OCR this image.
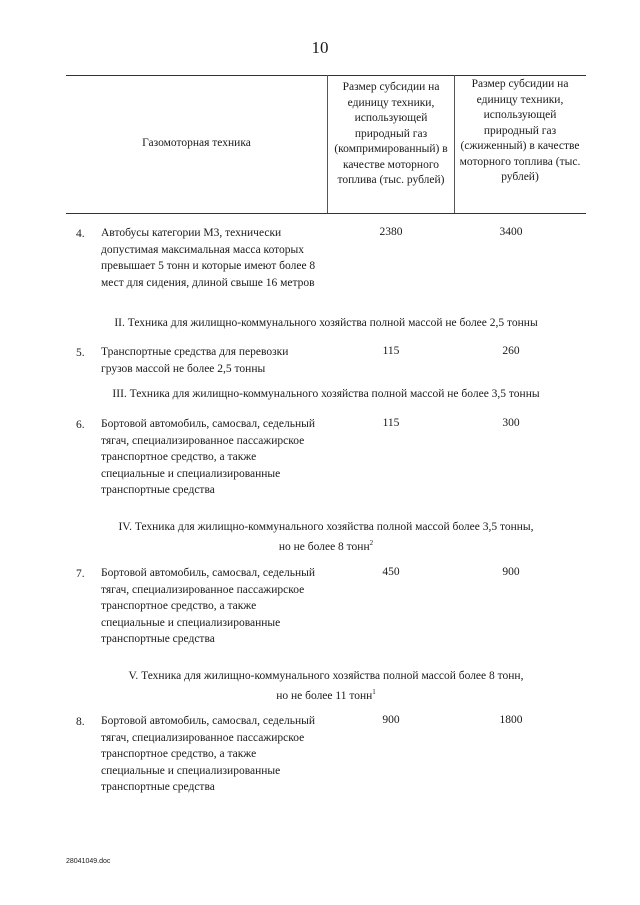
10
Газомоторная техника
Размер субсидии на единицу техники, использующей природный газ (компримированный) в качестве моторного топлива (тыс. рублей)
Размер субсидии на единицу техники, использующей природный газ (сжиженный) в качестве моторного топлива (тыс. рублей)
4. Автобусы категории М3, технически допустимая максимальная масса которых превышает 5 тонн и которые имеют более 8 мест для сидения, длиной свыше 16 метров
2380	3400
II. Техника для жилищно-коммунального хозяйства полной массой не более 2,5 тонны
5. Транспортные средства для перевозки грузов массой не более 2,5 тонны
115	260
III. Техника для жилищно-коммунального хозяйства полной массой не более 3,5 тонны
6. Бортовой автомобиль, самосвал, седельный тягач, специализированное пассажирское транспортное средство, а также специальные и специализированные транспортные средства
115	300
IV. Техника для жилищно-коммунального хозяйства полной массой более 3,5 тонны,
но не более 8 тонн$^2$
7. Бортовой автомобиль, самосвал, седельный тягач, специализированное пассажирское транспортное средство, а также специальные и специализированные транспортные средства
450	900
V. Техника для жилищно-коммунального хозяйства полной массой более 8 тонн,
но не более 11 тонн$^1$
8. Бортовой автомобиль, самосвал, седельный тягач, специализированное пассажирское транспортное средство, а также специальные и специализированные транспортные средства
900	1800
28041049.doc
